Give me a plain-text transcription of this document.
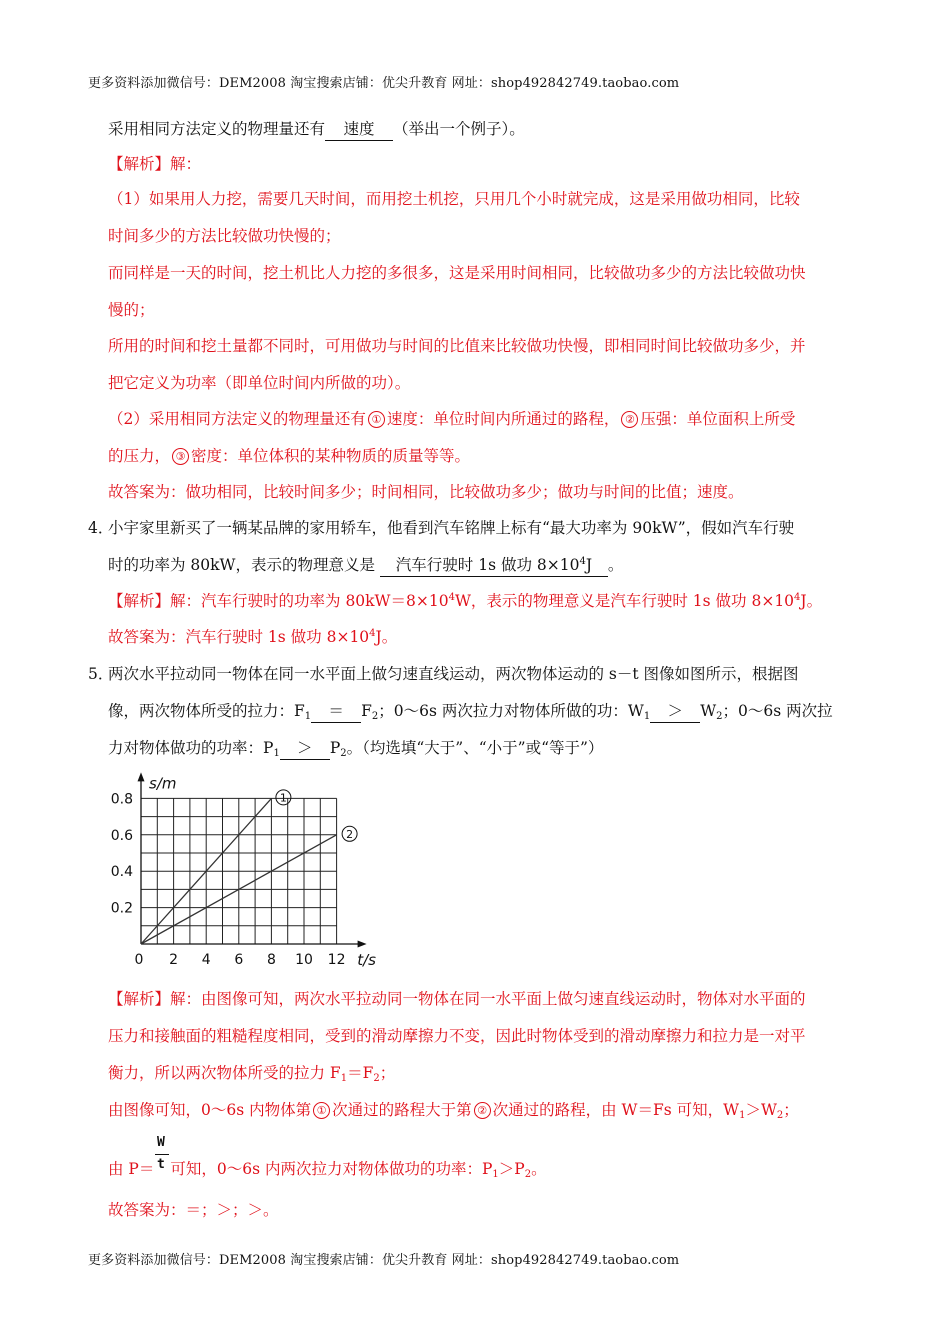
更多资料添加微信号：DEM2008 淘宝搜索店铺：优尖升教育 网址：shop492842749.taobao.com
采用相同方法定义的物理量还有 速度 （举出一个例子）。
【解析】解：
（1）如果用人力挖，需要几天时间，而用挖土机挖，只用几个小时就完成，这是采用做功相同，比较
时间多少的方法比较做功快慢的；
而同样是一天的时间，挖土机比人力挖的多很多，这是采用时间相同，比较做功多少的方法比较做功快
慢的；
所用的时间和挖土量都不同时，可用做功与时间的比值来比较做功快慢，即相同时间比较做功多少，并
把它定义为功率（即单位时间内所做的功）。
（2）采用相同方法定义的物理量还有 ① 速度：单位时间内所通过的路程， ② 压强：单位面积上所受
的压力， ③ 密度：单位体积的某种物质的质量等等。
故答案为：做功相同，比较时间多少；时间相同，比较做功多少；做功与时间的比值；速度。
4．
小宇家里新买了一辆某品牌的家用轿车，他看到汽车铭牌上标有“最大功率为 90kW”，假如汽车行驶
时的功率为 80kW，表示的物理意义是 汽车行驶时 1s 做功 $8\times 10^4J$ 。
【解析】解：汽车行驶时的功率为 $80kW=8\times 10^4W$，表示的物理意义是汽车行驶时 1s 做功 $8\times 10^4J$。
故答案为：汽车行驶时 1s 做功 $8\times 10^4J$。
5．
两次水平拉动同一物体在同一水平面上做匀速直线运动，两次物体运动的 s－t 图像如图所示，根据图
像，两次物体所受的拉力：$F_1 = F_2$；0～6s 两次拉力对物体所做的功：$W_1 > W_2$；0～6s 两次拉
力对物体做功的功率：$P_1 > P_2$。（均选填“大于”、“小于”或“等于”）
1
2
0 2 4 6 8 10 12
0.2
0.4
0.6
0.8
t/s
s/m
【解析】解：由图像可知，两次水平拉动同一物体在同一水平面上做匀速直线运动时，物体对水平面的
压力和接触面的粗糙程度相同，受到的滑动摩擦力不变，因此时物体受到的滑动摩擦力和拉力是一对平
衡力，所以两次物体所受的拉力 $F_1=F_2$；
由图像可知，0～6s 内物体第 ① 次通过的路程大于第 ② 次通过的路程，由 W＝Fs 可知，$W_1>W_2$；
W
t
由 P＝ 可知，0～6s 内两次拉力对物体做功的功率：$P_1>P_2$。
故答案为：＝；＞；＞。
更多资料添加微信号：DEM2008 淘宝搜索店铺：优尖升教育 网址：shop492842749.taobao.com
